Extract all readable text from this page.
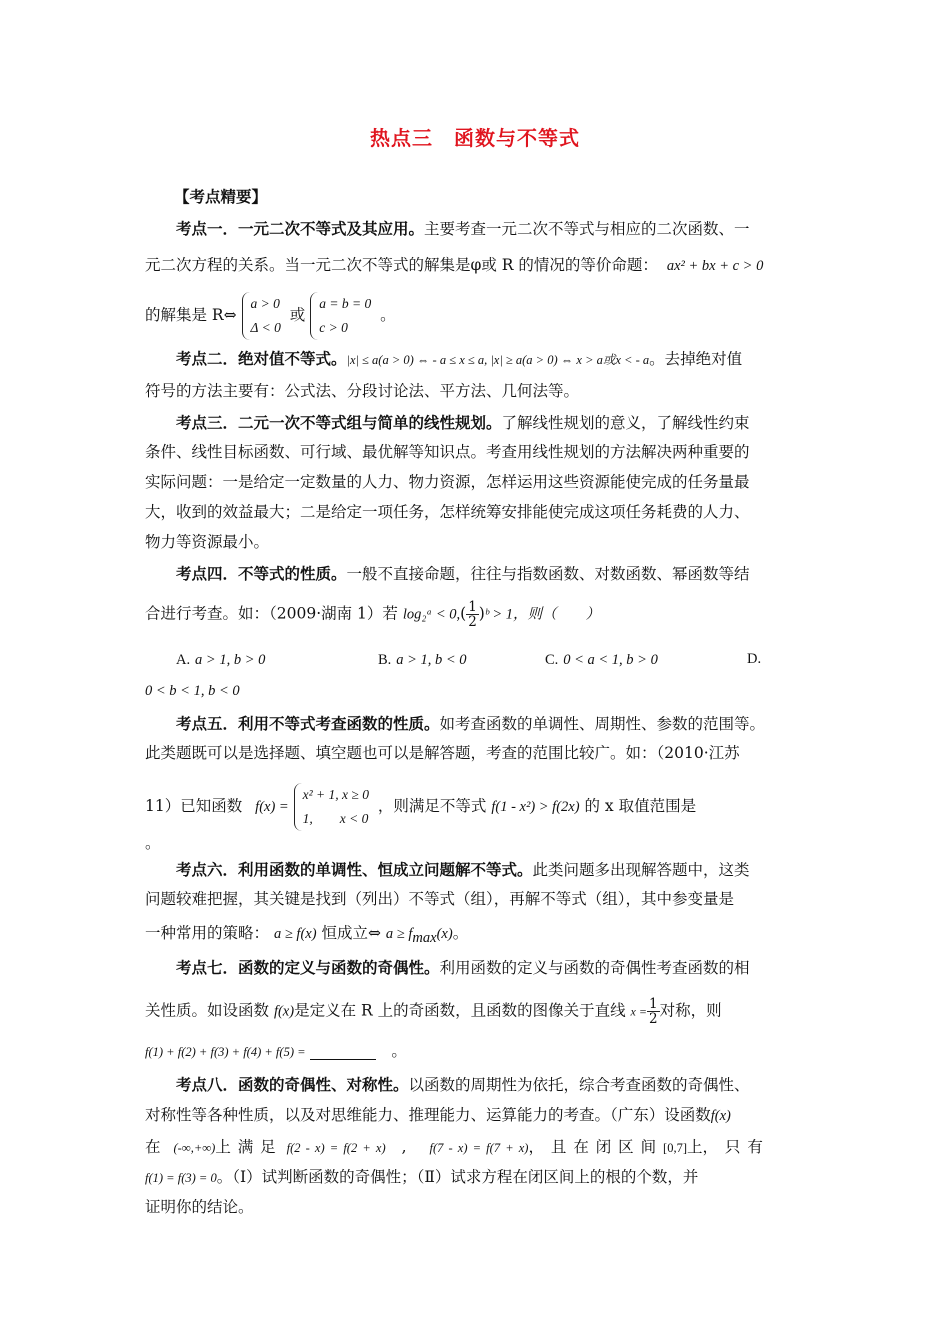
热点三　函数与不等式
【考点精要】
考点一．一元二次不等式及其应用。主要考查一元二次不等式与相应的二次函数、一
元二次方程的关系。当一元二次不等式的解集是φ或 R 的情况的等价命题： ax² + bx + c > 0
的解集是 R⇔ a > 0
Δ < 0 或 a = b = 0
c > 0 。
考点二．绝对值不等式。|x| ≤ a(a > 0) ⇔ - a ≤ x ≤ a, |x| ≥ a(a > 0) ⇔ x > a或x < - a。去掉绝对值
符号的方法主要有：公式法、分段讨论法、平方法、几何法等。
考点三．二元一次不等式组与简单的线性规划。了解线性规划的意义，了解线性约束
条件、线性目标函数、可行域、最优解等知识点。考查用线性规划的方法解决两种重要的
实际问题：一是给定一定数量的人力、物力资源，怎样运用这些资源能使完成的任务量最
大，收到的效益最大；二是给定一项任务，怎样统筹安排能使完成这项任务耗费的人力、
物力等资源最小。
考点四．不等式的性质。一般不直接命题，往往与指数函数、对数函数、幂函数等结
合进行考查。如：（2009·湖南 1）若 log₂ᵃ < $0,( \frac{1}{2}$ )ᵇ > 1，则（　　）
A. a > 1, b > 0	B. a > 1, b < 0	C. 0 < a < 1, b > 0	D.
0 < b < 1, b < 0
考点五．利用不等式考查函数的性质。如考查函数的单调性、周期性、参数的范围等。
此类题既可以是选择题、填空题也可以是解答题，考查的范围比较广。如：（2010·江苏
11）已知函数 f(x) = x² + 1, x ≥ 0
1,        x < 0 ，则满足不等式 f(1 - x²) > f(2x) 的 x 取值范围是
。
考点六．利用函数的单调性、恒成立问题解不等式。此类问题多出现解答题中，这类
问题较难把握，其关键是找到（列出）不等式（组），再解不等式（组），其中参变量是
一种常用的策略： a ≥ f(x) 恒成立⇔ $a \ge f_{max}(x)$。
考点七．函数的定义与函数的奇偶性。利用函数的定义与函数的奇偶性考查函数的相
关性质。如设函数 f(x)是定义在 R 上的奇函数，且函数的图像关于直线 $x = \frac{1}{2}$ 对称，则
f(1) + f(2) + f(3) + f(4) + f(5) =	。
考点八．函数的奇偶性、对称性。以函数的周期性为依托，综合考查函数的奇偶性、
对称性等各种性质，以及对思维能力、推理能力、运算能力的考查。（广东）设函数f(x)
在 (-∞,+∞)上 满 足 f(2 - x) = f(2 + x) , f(7 - x) = f(7 + x)， 且 在 闭 区 间 [0,7]上， 只 有
f(1) = f(3) = 0。（Ⅰ）试判断函数的奇偶性；（Ⅱ）试求方程在闭区间上的根的个数，并
证明你的结论。
